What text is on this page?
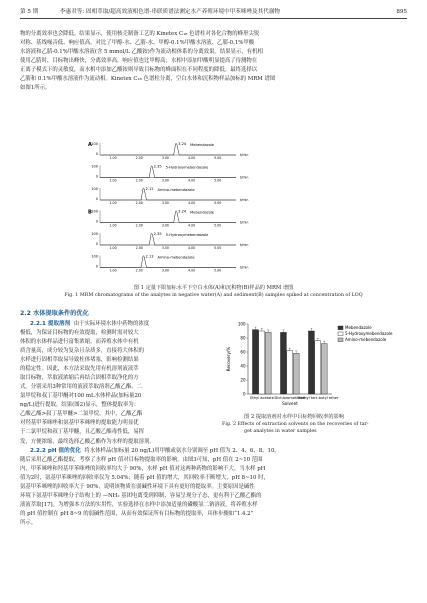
第 5 期	李惠君等: 固相萃取/超高效液相色谱-串联质谱法测定水产养殖环境中甲苯咪唑及其代谢物	895
物的分离效率也会降低。结果显示，使用核壳制备工艺的 Kinetex C₁₈ 色谱柱对各化合物的峰形尖锐
对称、基线噪音低、响应值高。对比了甲醇-水、乙腈-水、甲醇-0.1%甲酸水溶液、乙腈-0.1%甲酸
水溶液和乙腈-0.1%甲酸水溶液(含 5 mmol/L 乙酸铵)作为流动相体系的分离效果。结果显示，有机相
使用乙腈时，目标物出峰快，分离效率高，响应值也比甲醇高；水相中添加甲酸明显提高了待测物在
正离子模式下的灵敏度，而水相中添加乙酸铵则导致目标物的峰面积在不同程度的降低。最终选择以
乙腈和 0.1%甲酸水溶液作为流动相。Kinetex C₁₈ 色谱柱分离，空白水体和沉积物样品加标的 MRM 谱图
如图1所示。
A 100
0
3.24 Mebendazole
1.00	2.00	3.00	4.00	5.00
t/min
100
0
2.35 5-Hydroxymebendazole
1.00	2.00	3.00	4.00	5.00
t/min
100
0
2.12 Amino-mebendazole
1.00	2.00	3.00	4.00	5.00
t/min
B 100
0
3.24 Mebendazole
1.00	2.00	3.00	4.00	5.00
t/min
100
0
2.35 5-Hydroxymebendazole
1.00	2.00	3.00	4.00	5.00
t/min
100
0
2.13 Amino-mebendazole
1.00	2.00	3.00	4.00	5.00
t/min
图 1 定量下限加标水平下空白水体(A)和沉积物(B)样品的 MRM 谱图
Fig. 1 MRM chromatograms of the analytes in negative water(A) and sediment(B) samples spiked at concentration of LOQ
2.2 水体提取条件的优化
2.2.1 提取溶剂 由于实际环境水体中药物的浓度
极低，为保证目标物的有效提取，检测时需对较大
体积的水体样品进行富集浓缩。而养殖水体中有机
质含量高，成分较为复杂且杂质多，直接将大体积的
水样进行固相萃取易导致柱体堵塞，影响检测结果
的稳定性。因此，本方法采取先用有机溶剂液液萃
取目标物，萃取液浓缩后再结合固相萃取净化的方
式。分别采用3种常用的液液萃取溶剂乙酸乙酯、二
氯甲烷和叔丁基甲醚对100 mL水体样品(加标量20
ng/L)进行提取，结果(图2)显示，整体提取率为：
乙酸乙酯>叔丁基甲醚>二氯甲烷。其中，乙酸乙酯
对羟基甲苯咪唑和氨基甲苯咪唑的提取能力明显优
于二氯甲烷和叔丁基甲醚，且乙酸乙酯毒性低，易挥
0
20
40
60
80
100
Recovery/%
Ethyl acetate Dichloromethane
Methyl tert-butyl ether
Solvent
Mebendazole
5-Hydroxymebendazole
Amino-mebendazole
图 2 提取溶剂对水样中目标物回收率的影响
Fig. 2 Effects of extraction solvents on the recoveries of tar-
get analytes in water samples
发，方便浓缩，最终选择乙酸乙酯作为水样的提取溶剂。
2.2.2 pH 值的优化 将水体样品(加标量 20 ng/L)用甲酸或氨水分别调至 pH 值为 2、4、6、8、10。
随后采用乙酸乙酯提取，考察了水样 pH 值对目标物提取率的影响。由图3可知，pH 值在 2~10 范围
内，甲苯咪唑和羟基甲苯咪唑的回收率均大于 90%，水样 pH 值对这两种药物的影响不大。当水样 pH
值为2时，氨基甲苯咪唑的回收率仅为 5.04%；随着 pH 值的增大，其回收率不断增大，pH 8~10 时，
氨基甲苯咪唑的回收率大于 90%，说明该物质在弱碱性环境下具有更好的提取率。主要原因是碱性
环境下氨基甲苯咪唑分子结构上的 —NH₂ 基团电离受到抑制，容易呈现分子态，更有利于乙酸乙酯的
液液萃取[17]。为增强本方法的实用性，实验选择在水样中添加适量的磷酸氢二钠溶液，将养殖水样
的 pH 值控制在 pH 8~9 的弱碱性范围，从而有效保证所有目标物的提取率，具体步骤如“1.4.2”
所示。
